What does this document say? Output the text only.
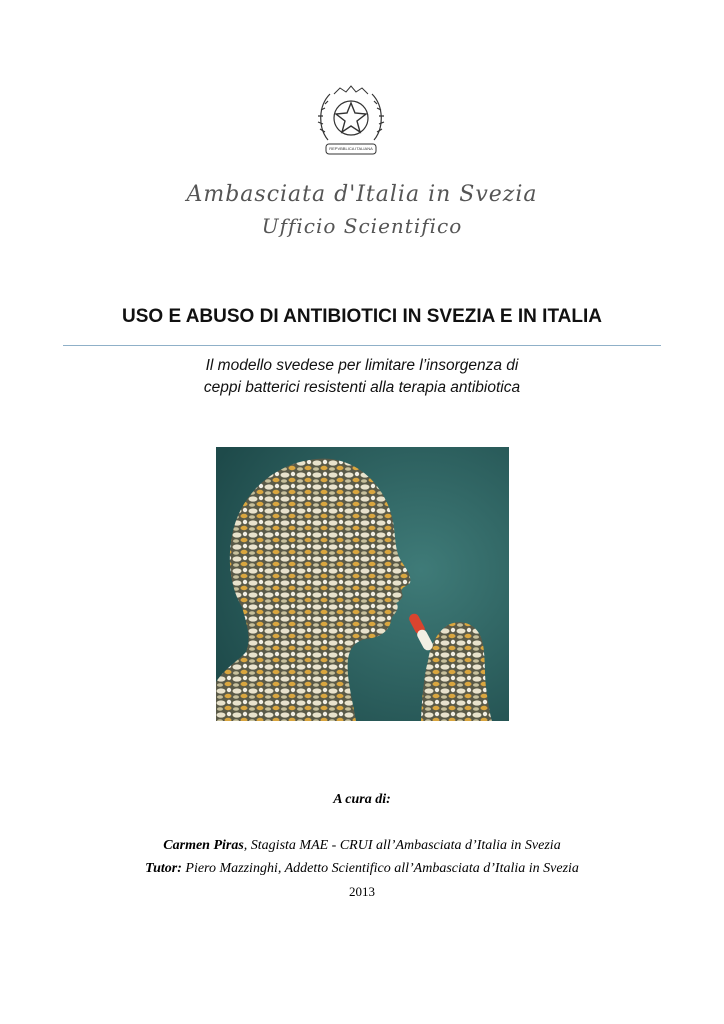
REPVBBLICA ITALIANA
Ambasciata d'Italia in Svezia
Ufficio Scientifico
USO E ABUSO DI ANTIBIOTICI IN SVEZIA E IN ITALIA
Il modello svedese per limitare l’insorgenza di
ceppi batterici resistenti alla terapia antibiotica
A cura di:
Carmen Piras, Stagista MAE - CRUI all’Ambasciata d’Italia in Svezia
Tutor: Piero Mazzinghi, Addetto Scientifico all’Ambasciata d’Italia in Svezia
2013
